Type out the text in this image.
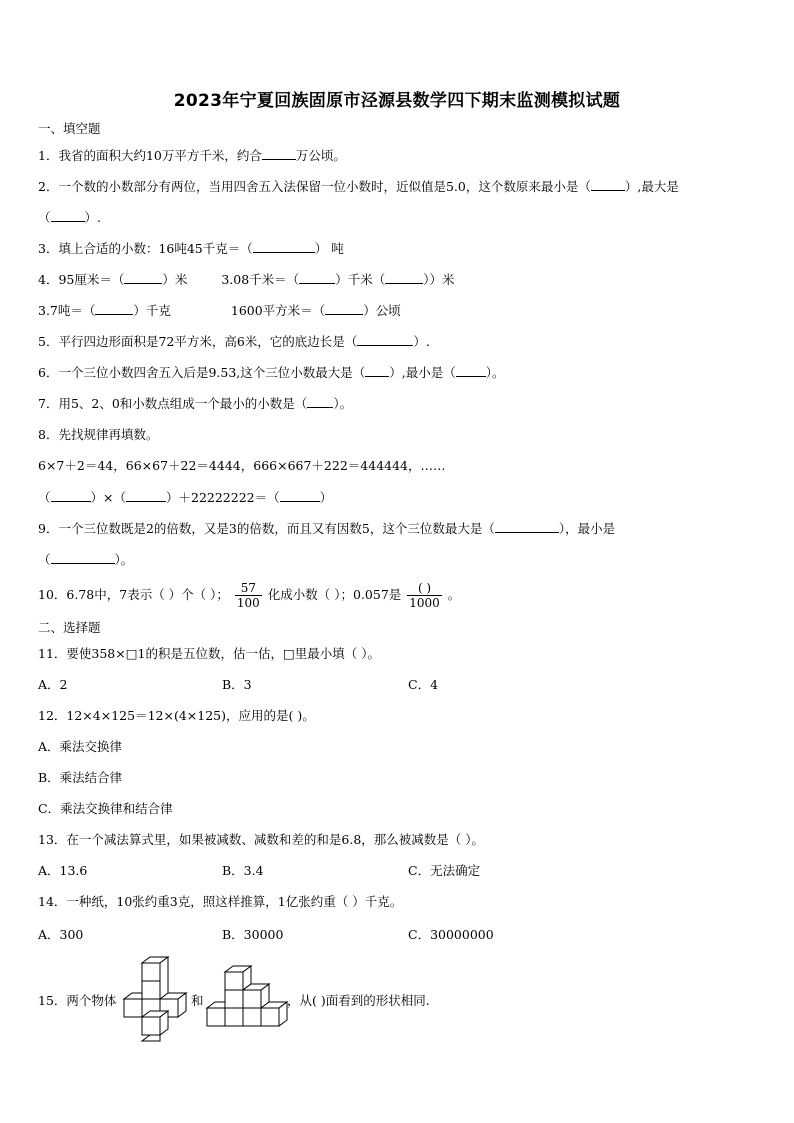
2023年宁夏回族固原市泾源县数学四下期末监测模拟试题
一、填空题
1．我省的面积大约10万平方千米，约合	万公顷。
2．一个数的小数部分有两位，当用四舍五入法保留一位小数时，近似值是5.0，这个数原来最小是（	）,最大是
（	）.
3．填上合适的小数：16吨45千克＝（	） 吨
4．95厘米＝（	）米	3.08千米＝（	）千米（	））米
3.7吨＝（	）千克	1600平方米＝（	）公顷
5．平行四边形面积是72平方米，高6米，它的底边长是（	）.
6．一个三位小数四舍五入后是9.53,这个三位小数最大是（ ）,最小是（ ）。
7．用5、2、0和小数点组成一个最小的小数是（ ）。
8．先找规律再填数。
6×7＋2＝44，66×67＋22＝4444，666×667＋222＝444444，……
（	）×（	）＋22222222＝（	）
9．一个三位数既是2的倍数，又是3的倍数，而且又有因数5，这个三位数最大是（	），最小是
（	）。
10．6.78中，7表示（ ）个（ ）； $\frac{57}{100}$ 化成小数（ ）；0.057是 $\frac{( )}{1000}$ 。
二、选择题
11．要使358×□1的积是五位数，估一估，□里最小填（ ）。
A．2	B．3	C．4
12．12×4×125＝12×(4×125)，应用的是( )。
A．乘法交换律
B．乘法结合律
C．乘法交换律和结合律
13．在一个减法算式里，如果被减数、减数和差的和是6.8，那么被减数是（ ）。
A．13.6	B．3.4	C．无法确定
14．一种纸，10张约重3克，照这样推算，1亿张约重（ ）千克。
A．300	B．30000	C．30000000
15．两个物体	和	，从( )面看到的形状相同.
